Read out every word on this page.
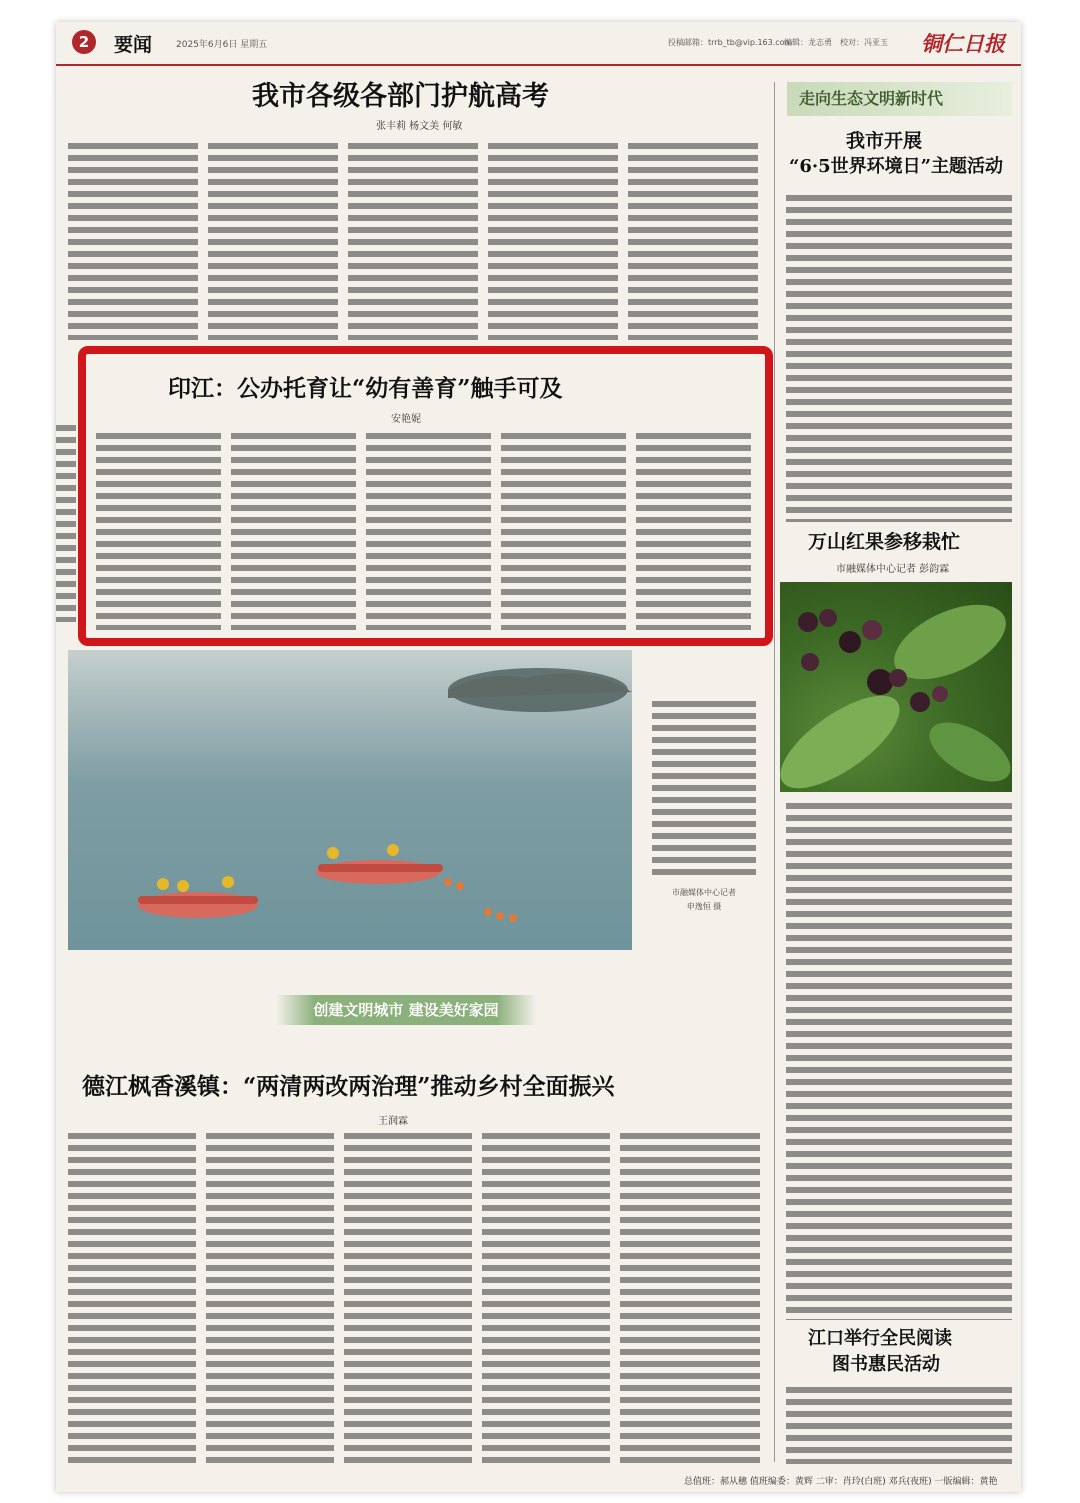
2	要闻	2025年6月6日 星期五	投稿邮箱：trrb_tb@vip.163.com
编辑：龙志勇 校对：冯亚玉 铜仁日报
我市各级各部门护航高考
张丰莉 杨文美 何敏
印江：公办托育让“幼有善育”触手可及
安艳妮
市融媒体中心记者
申逸恒 摄
创建文明城市 建设美好家园
德江枫香溪镇：“两清两改两治理”推动乡村全面振兴
王润霖
走向生态文明新时代
我市开展
“6·5世界环境日”主题活动
万山红果参移栽忙
市融媒体中心记者 彭韵霖
江口举行全民阅读
图书惠民活动
总值班：郝从穗 值班编委：黄辉 二审：肖玲(白班) 邓兵(夜班) 一版编辑：黄艳
